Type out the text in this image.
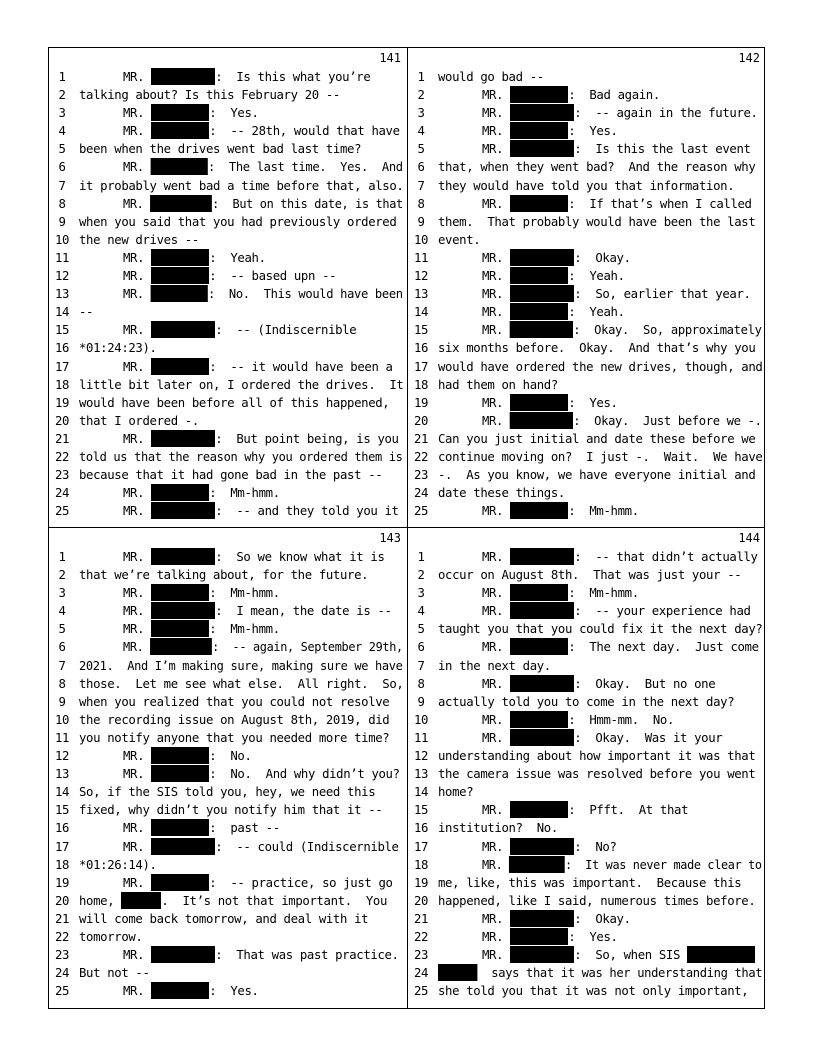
141
1	MR.	:  Is this what you’re
2	talking about? Is this February 20 --
3	MR.	:  Yes.
4	MR.	:  -- 28th, would that have
5	been when the drives went bad last time?
6	MR.	:  The last time.  Yes.  And
7	it probably went bad a time before that, also.
8	MR.	:  But on this date, is that
9	when you said that you had previously ordered
10 the new drives --
11	MR.	:  Yeah.
12	MR.	:  -- based upn --
13	MR.	:  No.  This would have been
14 --
15	MR.	:  -- (Indiscernible
16 *01:24:23).
17	MR.	:  -- it would have been a
18 little bit later on, I ordered the drives.  It
19 would have been before all of this happened,
20 that I ordered -.
21	MR.	:  But point being, is you
22 told us that the reason why you ordered them is
23 because that it had gone bad in the past --
24	MR.	:  Mm-hmm.
25	MR.	:  -- and they told you it
142
1	would go bad --
2	MR.	:  Bad again.
3	MR.	:  -- again in the future.
4	MR.	:  Yes.
5	MR.	:  Is this the last event
6	that, when they went bad?  And the reason why
7	they would have told you that information.
8	MR.	:  If that’s when I called
9	them.  That probably would have been the last
10 event.
11	MR.	:  Okay.
12	MR.	:  Yeah.
13	MR.	:  So, earlier that year.
14	MR.	:  Yeah.
15	MR.	:  Okay.  So, approximately
16 six months before.  Okay.  And that’s why you
17 would have ordered the new drives, though, and
18 had them on hand?
19	MR.	:  Yes.
20	MR.	:  Okay.  Just before we -.
21 Can you just initial and date these before we
22 continue moving on?  I just -.  Wait.  We have
23 -.  As you know, we have everyone initial and
24 date these things.
25	MR.	:  Mm-hmm.
143
1	MR.	:  So we know what it is
2	that we’re talking about, for the future.
3	MR.	:  Mm-hmm.
4	MR.	:  I mean, the date is --
5	MR.	:  Mm-hmm.
6	MR.	:  -- again, September 29th,
7	2021.  And I’m making sure, making sure we have
8	those.  Let me see what else.  All right.  So,
9	when you realized that you could not resolve
10 the recording issue on August 8th, 2019, did
11 you notify anyone that you needed more time?
12	MR.	:  No.
13	MR.	:  No.  And why didn’t you?
14 So, if the SIS told you, hey, we need this
15 fixed, why didn’t you notify him that it --
16	MR.	:  past --
17	MR.	:  -- could (Indiscernible
18 *01:26:14).
19	MR.	:  -- practice, so just go
20 home,	.  It’s not that important.  You
21 will come back tomorrow, and deal with it
22 tomorrow.
23	MR.	:  That was past practice.
24 But not --
25	MR.	:  Yes.
144
1	MR.	:  -- that didn’t actually
2	occur on August 8th.  That was just your --
3	MR.	:  Mm-hmm.
4	MR.	:  -- your experience had
5	taught you that you could fix it the next day?
6	MR.	:  The next day.  Just come
7	in the next day.
8	MR.	:  Okay.  But no one
9	actually told you to come in the next day?
10	MR.	:  Hmm-mm.  No.
11	MR.	:  Okay.  Was it your
12 understanding about how important it was that
13 the camera issue was resolved before you went
14 home?
15	MR.	:  Pfft.  At that
16 institution?  No.
17	MR.	:  No?
18	MR.	:  It was never made clear to
19 me, like, this was important.  Because this
20 happened, like I said, numerous times before.
21	MR.	:  Okay.
22	MR.	:  Yes.
23	MR.	:  So, when SIS
24	says that it was her understanding that
25 she told you that it was not only important,
